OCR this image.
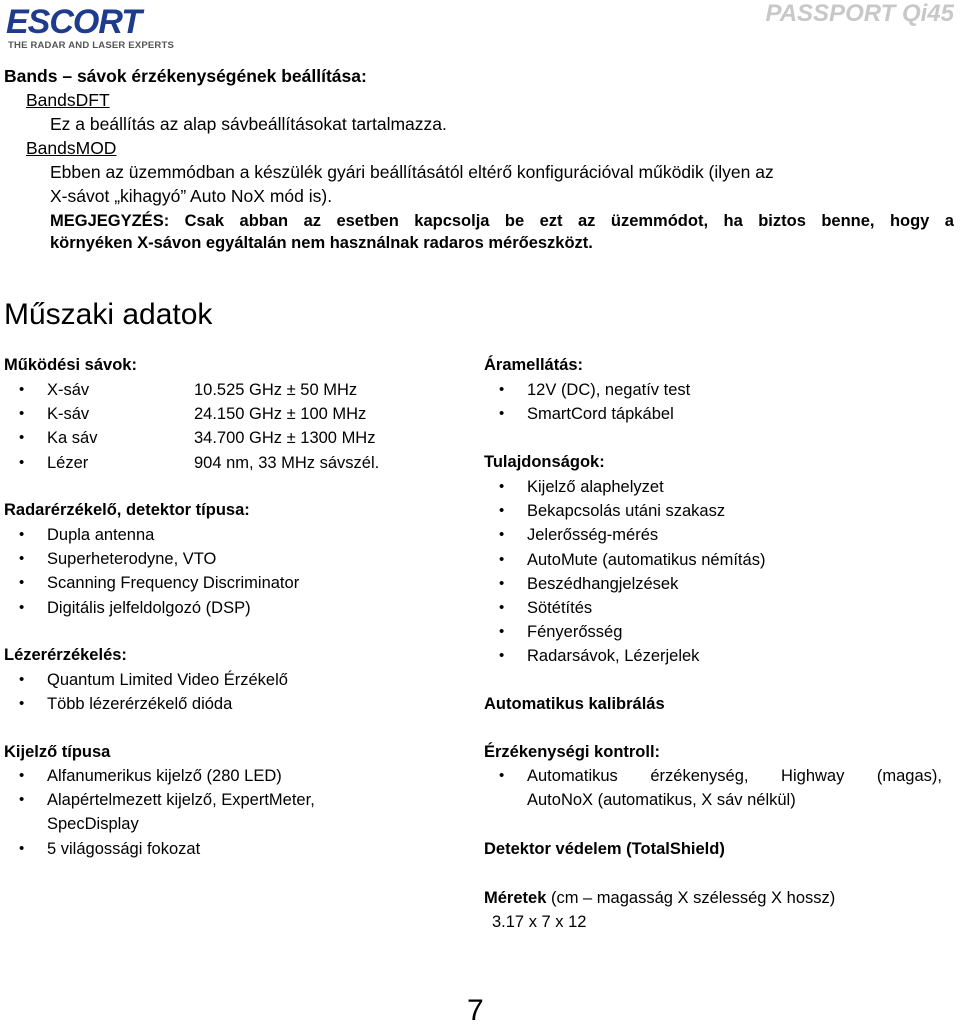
ESCORT
THE RADAR AND LASER EXPERTS
PASSPORT Qi45
Bands – sávok érzékenységének beállítása:
BandsDFT
Ez a beállítás az alap sávbeállításokat tartalmazza.
BandsMOD
Ebben az üzemmódban a készülék gyári beállításától eltérő konfigurációval működik (ilyen az
X-sávot „kihagyó” Auto NoX mód is).
MEGJEGYZÉS: Csak abban az esetben kapcsolja be ezt az üzemmódot, ha biztos benne, hogy a
környéken X-sávon egyáltalán nem használnak radaros mérőeszközt.
Műszaki adatok
Működési sávok:
• X-sáv	10.525 GHz ± 50 MHz
• K-sáv	24.150 GHz ± 100 MHz
• Ka sáv	34.700 GHz ± 1300 MHz
• Lézer	904 nm, 33 MHz sávszél.
Radarérzékelő, detektor típusa:
• Dupla antenna
• Superheterodyne, VTO
• Scanning Frequency Discriminator
• Digitális jelfeldolgozó (DSP)
Lézerérzékelés:
• Quantum Limited Video Érzékelő
• Több lézerérzékelő dióda
Kijelző típusa
• Alfanumerikus kijelző (280 LED)
• Alapértelmezett kijelző, ExpertMeter,
SpecDisplay
• 5 világossági fokozat
Áramellátás:
• 12V (DC), negatív test
• SmartCord tápkábel
Tulajdonságok:
• Kijelző alaphelyzet
• Bekapcsolás utáni szakasz
• Jelerősség-mérés
• AutoMute (automatikus némítás)
• Beszédhangjelzések
• Sötétítés
• Fényerősség
• Radarsávok, Lézerjelek
Automatikus kalibrálás
Érzékenységi kontroll:
• Automatikus érzékenység, Highway (magas),
AutoNoX (automatikus, X sáv nélkül)
Detektor védelem (TotalShield)
Méretek (cm – magasság X szélesség X hossz)
3.17 x 7 x 12
7
